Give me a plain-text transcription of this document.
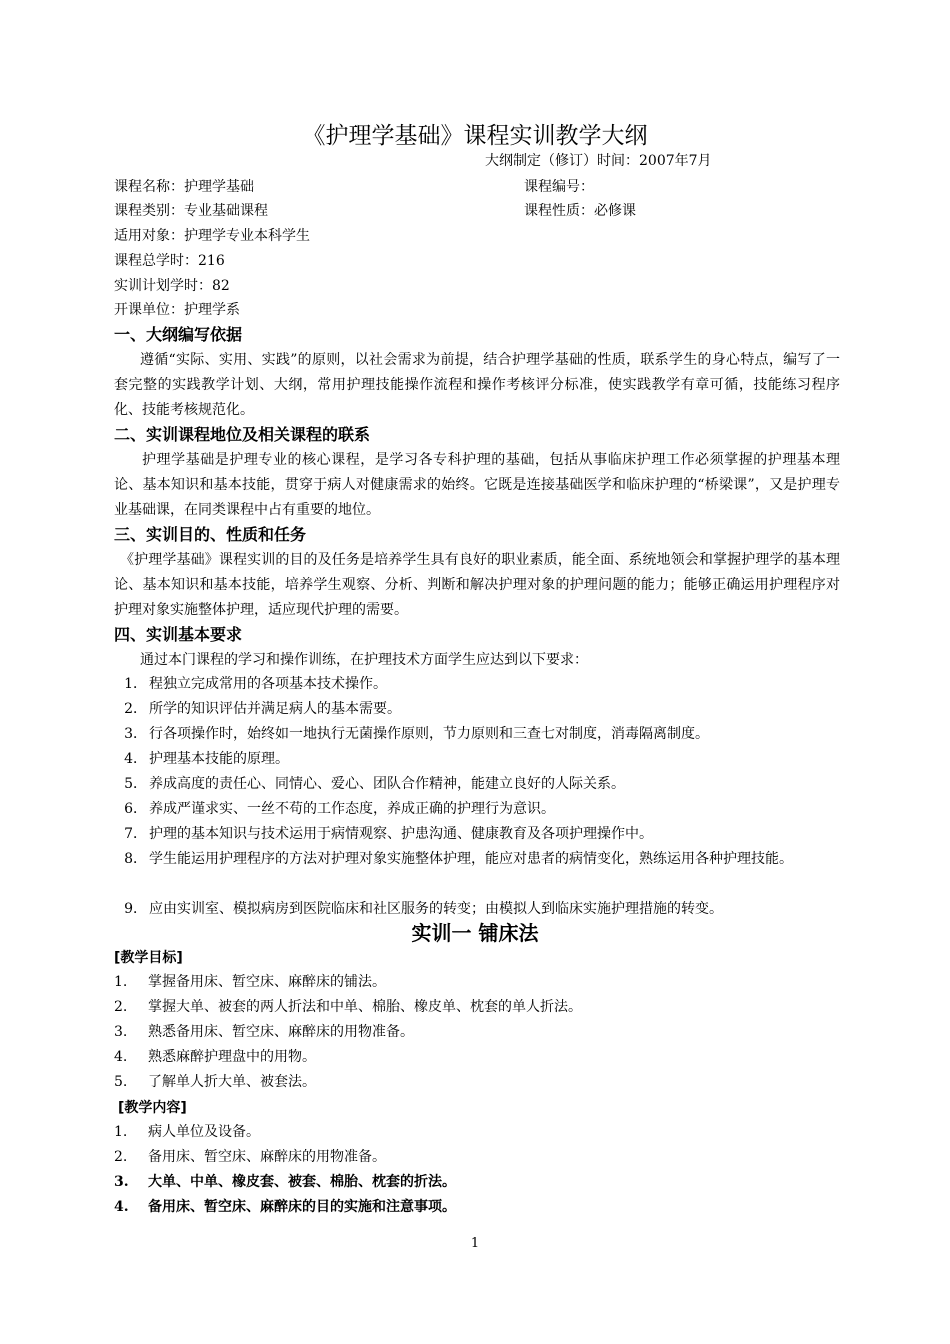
《护理学基础》课程实训教学大纲
大纲制定（修订）时间：2007年7月
课程名称：护理学基础	课程编号：
课程类别：专业基础课程	课程性质：必修课
适用对象：护理学专业本科学生
课程总学时：216
实训计划学时：82
开课单位：护理学系
一、大纲编写依据
遵循“实际、实用、实践”的原则，以社会需求为前提，结合护理学基础的性质，联系学生的身心特点，编写了一套完整的实践教学计划、大纲，常用护理技能操作流程和操作考核评分标准，使实践教学有章可循，技能练习程序化、技能考核规范化。
二、实训课程地位及相关课程的联系
护理学基础是护理专业的核心课程，是学习各专科护理的基础，包括从事临床护理工作必须掌握的护理基本理论、基本知识和基本技能，贯穿于病人对健康需求的始终。它既是连接基础医学和临床护理的“桥梁课”，又是护理专业基础课，在同类课程中占有重要的地位。
三、实训目的、性质和任务
《护理学基础》课程实训的目的及任务是培养学生具有良好的职业素质，能全面、系统地领会和掌握护理学的基本理论、基本知识和基本技能，培养学生观察、分析、判断和解决护理对象的护理问题的能力；能够正确运用护理程序对护理对象实施整体护理，适应现代护理的需要。
四、实训基本要求
通过本门课程的学习和操作训练，在护理技术方面学生应达到以下要求：
1． 程独立完成常用的各项基本技术操作。
2． 所学的知识评估并满足病人的基本需要。
3． 行各项操作时，始终如一地执行无菌操作原则，节力原则和三查七对制度，消毒隔离制度。
4． 护理基本技能的原理。
5． 养成高度的责任心、同情心、爱心、团队合作精神，能建立良好的人际关系。
6． 养成严谨求实、一丝不苟的工作态度，养成正确的护理行为意识。
7． 护理的基本知识与技术运用于病情观察、护患沟通、健康教育及各项护理操作中。
8． 学生能运用护理程序的方法对护理对象实施整体护理，能应对患者的病情变化，熟练运用各种护理技能。
9． 应由实训室、模拟病房到医院临床和社区服务的转变；由模拟人到临床实施护理措施的转变。
实训一 铺床法
[教学目标]
1. 掌握备用床、暂空床、麻醉床的铺法。
2. 掌握大单、被套的两人折法和中单、棉胎、橡皮单、枕套的单人折法。
3. 熟悉备用床、暂空床、麻醉床的用物准备。
4. 熟悉麻醉护理盘中的用物。
5. 了解单人折大单、被套法。
[教学内容]
1. 病人单位及设备。
2. 备用床、暂空床、麻醉床的用物准备。
3. 大单、中单、橡皮套、被套、棉胎、枕套的折法。
4. 备用床、暂空床、麻醉床的目的实施和注意事项。
1
